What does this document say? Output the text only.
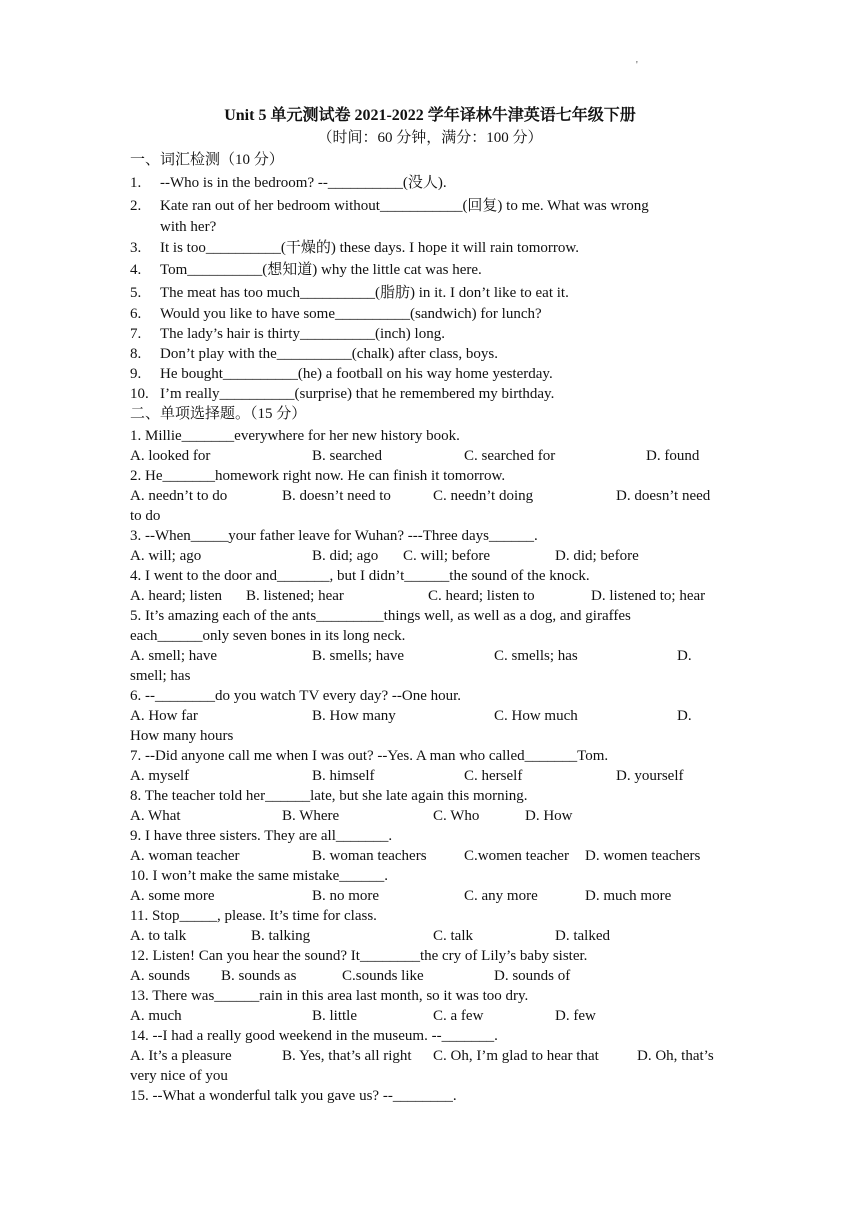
'
Unit 5 单元测试卷 2021-2022 学年译林牛津英语七年级下册
（时间：60 分钟，满分：100 分）
一、词汇检测（10 分）
1. --Who is in the bedroom? --__________(没人).
2. Kate ran out of her bedroom without___________(回复) to me. What was wrong
with her?
3. It is too__________(干燥的) these days. I hope it will rain tomorrow.
4. Tom__________(想知道) why the little cat was here.
5. The meat has too much__________(脂肪) in it. I don’t like to eat it.
6. Would you like to have some__________(sandwich) for lunch?
7. The lady’s hair is thirty__________(inch) long.
8. Don’t play with the__________(chalk) after class, boys.
9. He bought__________(he) a football on his way home yesterday.
10. I’m really__________(surprise) that he remembered my birthday.
二、单项选择题。（15 分）
1. Millie_______everywhere for her new history book.
A. looked for	B. searched	C. searched for	D. found
2. He_______homework right now. He can finish it tomorrow.
A. needn’t to do	B. doesn’t need to	C. needn’t doing	D. doesn’t need
to do
3. --When_____your father leave for Wuhan? ---Three days______.
A. will; ago	B. did; ago C. will; before	D. did; before
4. I went to the door and_______, but I didn’t______the sound of the knock.
A. heard; listen B. listened; hear	C. heard; listen to	D. listened to; hear
5. It’s amazing each of the ants_________things well, as well as a dog, and giraffes
each______only seven bones in its long neck.
A. smell; have	B. smells; have	C. smells; has	D.
smell; has
6. --________do you watch TV every day? --One hour.
A. How far	B. How many	C. How much	D.
How many hours
7. --Did anyone call me when I was out? --Yes. A man who called_______Tom.
A. myself	B. himself	C. herself	D. yourself
8. The teacher told her______late, but she late again this morning.
A. What	B. Where	C. Who	D. How
9. I have three sisters. They are all_______.
A. woman teacher	B. woman teachers C.women teacher D. women teachers
10. I won’t make the same mistake______.
A. some more	B. no more	C. any more	D. much more
11. Stop_____, please. It’s time for class.
A. to talk	B. talking	C. talk	D. talked
12. Listen! Can you hear the sound? It________the cry of Lily’s baby sister.
A. sounds B. sounds as	C.sounds like	D. sounds of
13. There was______rain in this area last month, so it was too dry.
A. much	B. little	C. a few	D. few
14. --I had a really good weekend in the museum. --_______.
A. It’s a pleasure	B. Yes, that’s all right C. Oh, I’m glad to hear that	D. Oh, that’s
very nice of you
15. --What a wonderful talk you gave us? --________.
